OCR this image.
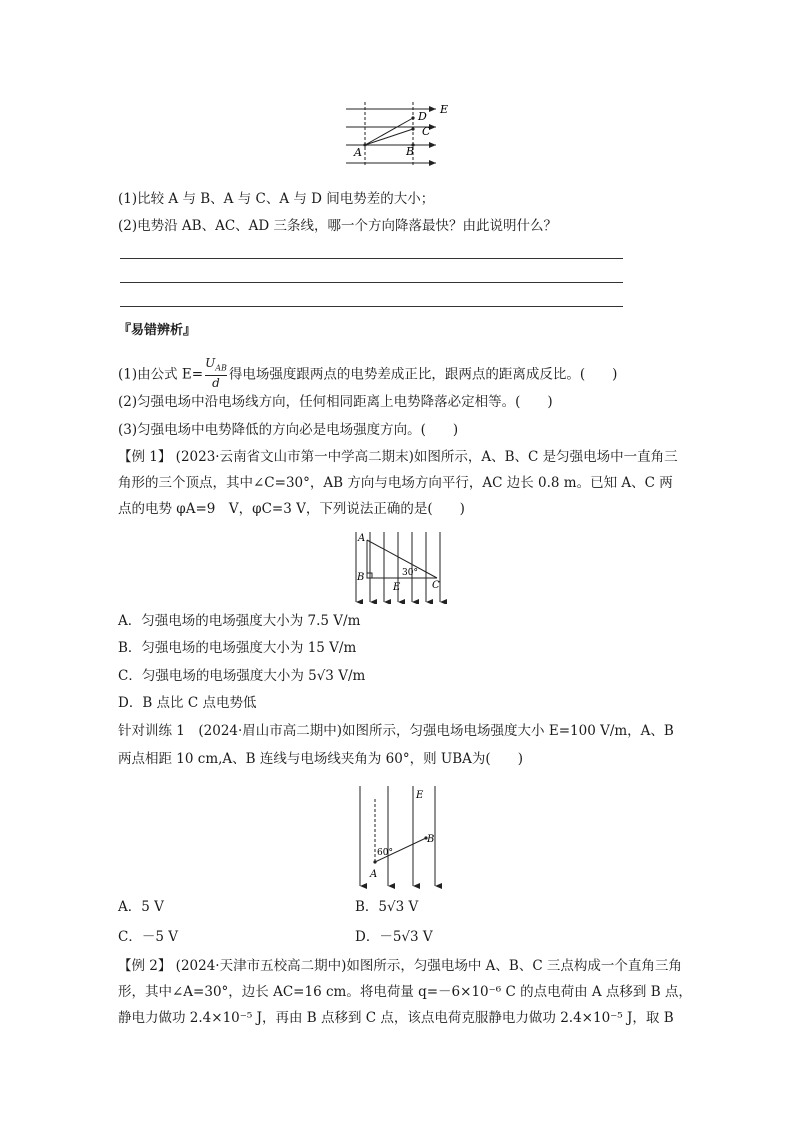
E
D
C
A	B
(1)比较 A 与 B、A 与 C、A 与 D 间电势差的大小；
(2)电势沿 AB、AC、AD 三条线，哪一个方向降落最快？由此说明什么？
『易错辨析』
(1)由公式 E=
$U_{AB}$
d
得电场强度跟两点的电势差成正比，跟两点的距离成反比。(　　)
(2)匀强电场中沿电场线方向，任何相同距离上电势降落必定相等。(　　)
(3)匀强电场中电势降低的方向必是电场强度方向。(　　)
【例 1】 (2023·云南省文山市第一中学高二期末)如图所示，A、B、C 是匀强电场中一直角三
角形的三个顶点，其中∠C=30°，AB 方向与电场方向平行，AC 边长 0.8 m。已知 A、C 两
点的电势 φA=9　V，φC=3 V，下列说法正确的是(　　)
A
B
C
E
30°
A．匀强电场的电场强度大小为 7.5 V/m
B．匀强电场的电场强度大小为 15 V/m
C．匀强电场的电场强度大小为 5√3 V/m
D．B 点比 C 点电势低
针对训练 1　(2024·眉山市高二期中)如图所示，匀强电场电场强度大小 E=100 V/m，A、B
两点相距 10 cm,A、B 连线与电场线夹角为 60°，则 UBA为(　　)
A
B
E
60°
A．5 V	B．5√3 V
C．－5 V	D．－5√3 V
【例 2】 (2024·天津市五校高二期中)如图所示，匀强电场中 A、B、C 三点构成一个直角三角
形，其中∠A=30°，边长 AC=16 cm。将电荷量 q=－6×10⁻⁶ C 的点电荷由 A 点移到 B 点，
静电力做功 2.4×10⁻⁵ J，再由 B 点移到 C 点，该点电荷克服静电力做功 2.4×10⁻⁵ J，取 B
